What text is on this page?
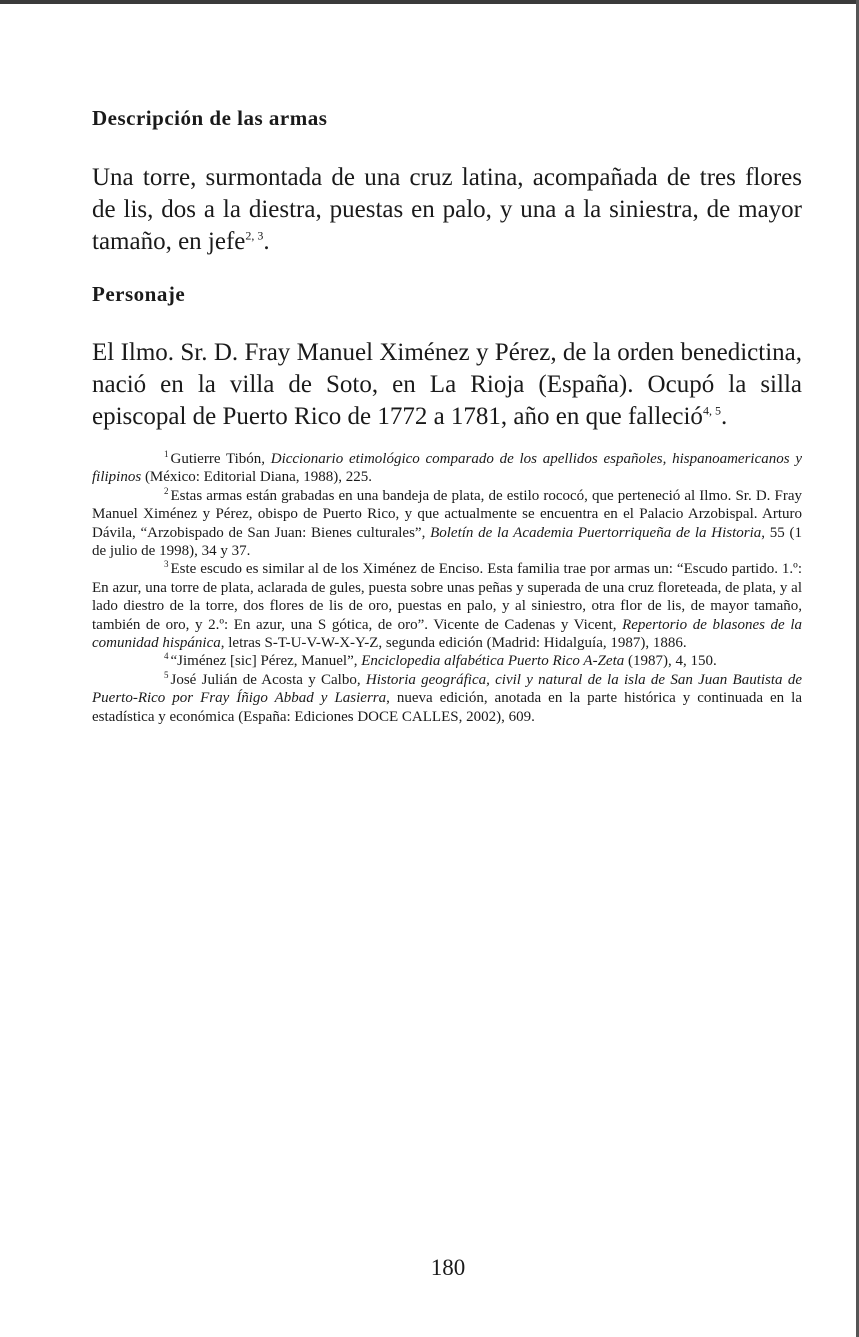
Descripción de las armas

Una torre, surmontada de una cruz latina, acompañada de tres flores de lis, dos a la diestra, puestas en palo, y una a la siniestra, de mayor tamaño, en jefe$^{2, 3}$.

Personaje

El Ilmo. Sr. D. Fray Manuel Ximénez y Pérez, de la orden benedictina, nació en la villa de Soto, en La Rioja (España). Ocupó la silla episcopal de Puerto Rico de 1772 a 1781, año en que falleció$^{4, 5}$.

$^1$ Gutierre Tibón, Diccionario etimológico comparado de los apellidos españoles, hispanoamericanos y filipinos (México: Editorial Diana, 1988), 225.

$^2$ Estas armas están grabadas en una bandeja de plata, de estilo rococó, que perteneció al Ilmo. Sr. D. Fray Manuel Ximénez y Pérez, obispo de Puerto Rico, y que actualmente se encuentra en el Palacio Arzobispal. Arturo Dávila, “Arzobispado de San Juan: Bienes culturales”, Boletín de la Academia Puertorriqueña de la Historia, 55 (1 de julio de 1998), 34 y 37.

$^3$ Este escudo es similar al de los Ximénez de Enciso. Esta familia trae por armas un: “Escudo partido. 1.º: En azur, una torre de plata, aclarada de gules, puesta sobre unas peñas y superada de una cruz floreteada, de plata, y al lado diestro de la torre, dos flores de lis de oro, puestas en palo, y al siniestro, otra flor de lis, de mayor tamaño, también de oro, y 2.º: En azur, una S gótica, de oro”. Vicente de Cadenas y Vicent, Repertorio de blasones de la comunidad hispánica, letras S-T-U-V-W-X-Y-Z, segunda edición (Madrid: Hidalguía, 1987), 1886.

$^4$ “Jiménez [sic] Pérez, Manuel”, Enciclopedia alfabética Puerto Rico A-Zeta (1987), 4, 150.

$^5$ José Julián de Acosta y Calbo, Historia geográfica, civil y natural de la isla de San Juan Bautista de Puerto-Rico por Fray Íñigo Abbad y Lasierra, nueva edición, anotada en la parte histórica y continuada en la estadística y económica (España: Ediciones DOCE CALLES, 2002), 609.

180
